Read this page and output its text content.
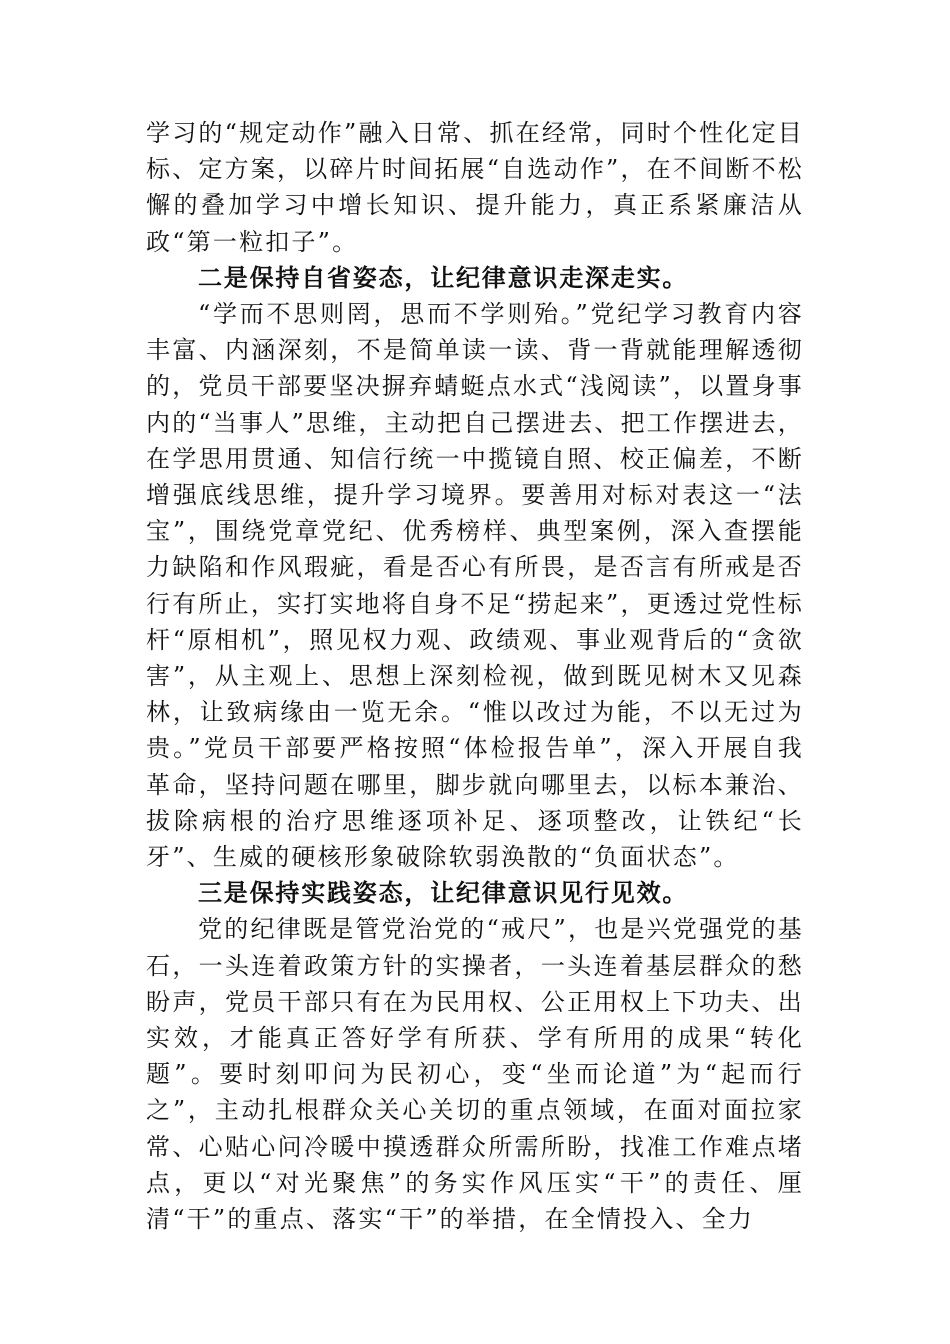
学习的“规定动作”融入日常、抓在经常，同时个性化定目标、定方案，以碎片时间拓展“自选动作”，在不间断不松懈的叠加学习中增长知识、提升能力，真正系紧廉洁从政“第一粒扣子”。

二是保持自省姿态，让纪律意识走深走实。

“学而不思则罔，思而不学则殆。”党纪学习教育内容丰富、内涵深刻，不是简单读一读、背一背就能理解透彻的，党员干部要坚决摒弃蜻蜓点水式“浅阅读”，以置身事内的“当事人”思维，主动把自己摆进去、把工作摆进去，在学思用贯通、知信行统一中揽镜自照、校正偏差，不断增强底线思维，提升学习境界。要善用对标对表这一“法宝”，围绕党章党纪、优秀榜样、典型案例，深入查摆能力缺陷和作风瑕疵，看是否心有所畏，是否言有所戒是否行有所止，实打实地将自身不足“捞起来”，更透过党性标杆“原相机”，照见权力观、政绩观、事业观背后的“贪欲害”，从主观上、思想上深刻检视，做到既见树木又见森林，让致病缘由一览无余。“惟以改过为能，不以无过为贵。”党员干部要严格按照“体检报告单”，深入开展自我革命，坚持问题在哪里，脚步就向哪里去，以标本兼治、拔除病根的治疗思维逐项补足、逐项整改，让铁纪“长牙”、生威的硬核形象破除软弱涣散的“负面状态”。

三是保持实践姿态，让纪律意识见行见效。

党的纪律既是管党治党的“戒尺”，也是兴党强党的基石，一头连着政策方针的实操者，一头连着基层群众的愁盼声，党员干部只有在为民用权、公正用权上下功夫、出实效，才能真正答好学有所获、学有所用的成果“转化题”。要时刻叩问为民初心，变“坐而论道”为“起而行之”，主动扎根群众关心关切的重点领域，在面对面拉家常、心贴心问冷暖中摸透群众所需所盼，找准工作难点堵点，更以“对光聚焦”的务实作风压实“干”的责任、厘清“干”的重点、落实“干”的举措，在全情投入、全力
